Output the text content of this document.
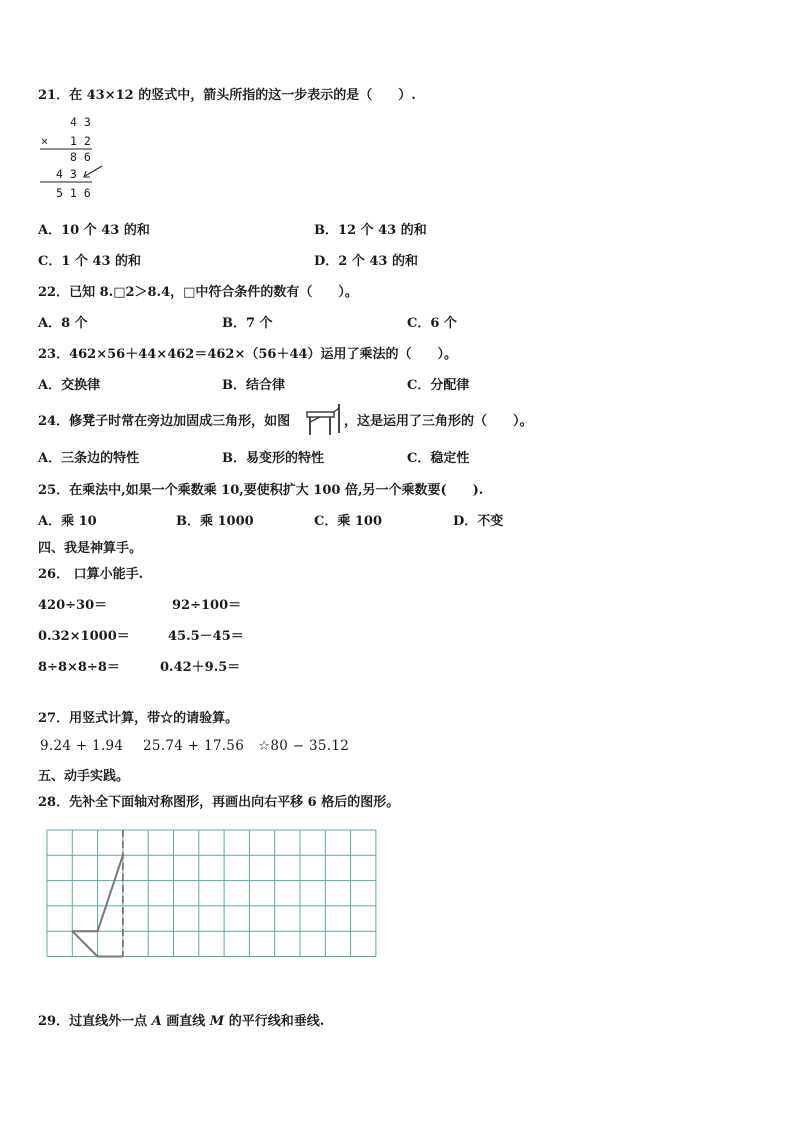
21．在 43×12 的竖式中，箭头所指的这一步表示的是（　　）.
4 3
× 1 2
8 6
4 3
5 1 6
A．10 个 43 的和	B．12 个 43 的和
C．1 个 43 的和	D．2 个 43 的和
22．已知 8.□2＞8.4，□中符合条件的数有（　　）。
A．8 个	B．7 个	C．6 个
23．462×56＋44×462＝462×（56＋44）运用了乘法的（　　）。
A．交换律	B．结合律	C．分配律
24．修凳子时常在旁边加固成三角形，如图	，这是运用了三角形的（　　）。
A．三条边的特性	B．易变形的特性	C．稳定性
25．在乘法中,如果一个乘数乘 10,要使积扩大 100 倍,另一个乘数要(　　).
A．乘 10	B．乘 1000	C．乘 100	D．不变
四、我是神算手。
26． 口算小能手.
420÷30＝	92÷100＝
0.32×1000＝	45.5－45＝
8÷8×8÷8＝	0.42＋9.5＝
27．用竖式计算，带☆的请验算。
9.24 + 1.94 25.74 + 17.56 ☆80 − 35.12
五、动手实践。
28．先补全下面轴对称图形，再画出向右平移 6 格后的图形。
29．过直线外一点 A 画直线 M 的平行线和垂线.
